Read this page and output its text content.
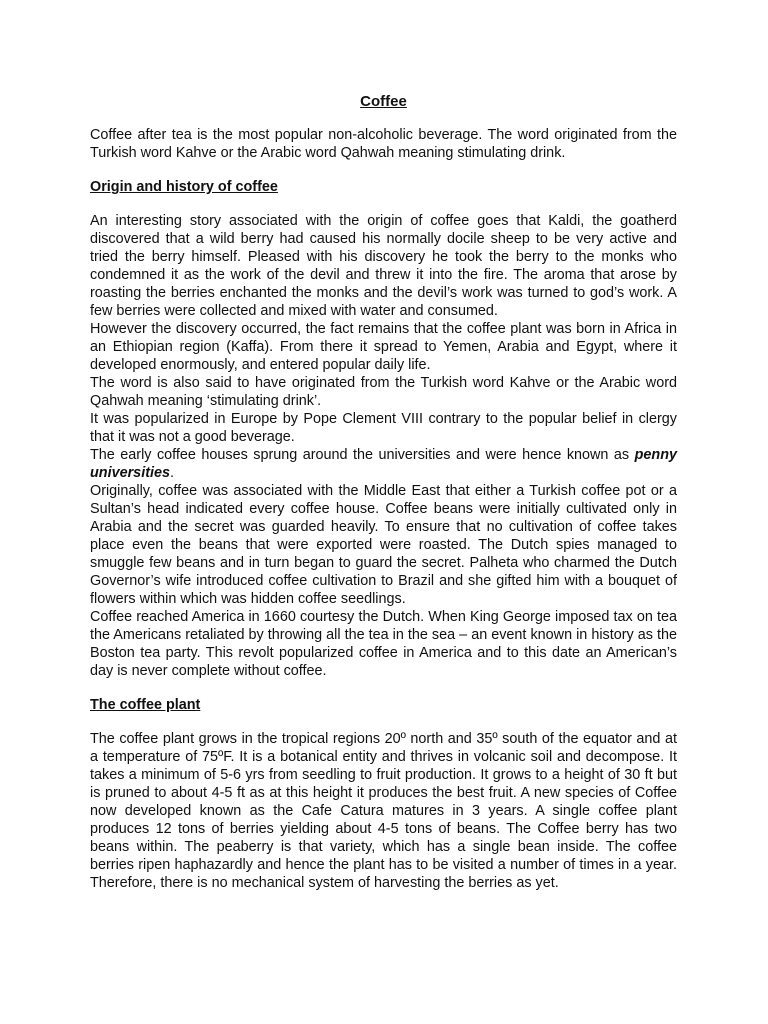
Coffee

Coffee after tea is the most popular non-alcoholic beverage. The word originated from the Turkish word Kahve or the Arabic word Qahwah meaning stimulating drink.

Origin and history of coffee

An interesting story associated with the origin of coffee goes that Kaldi, the goatherd discovered that a wild berry had caused his normally docile sheep to be very active and tried the berry himself. Pleased with his discovery he took the berry to the monks who condemned it as the work of the devil and threw it into the fire. The aroma that arose by roasting the berries enchanted the monks and the devil’s work was turned to god’s work. A few berries were collected and mixed with water and consumed.

However the discovery occurred, the fact remains that the coffee plant was born in Africa in an Ethiopian region (Kaffa). From there it spread to Yemen, Arabia and Egypt, where it developed enormously, and entered popular daily life.

The word is also said to have originated from the Turkish word Kahve or the Arabic word Qahwah meaning ‘stimulating drink’.

It was popularized in Europe by Pope Clement VIII contrary to the popular belief in clergy that it was not a good beverage.

The early coffee houses sprung around the universities and were hence known as penny universities.

Originally, coffee was associated with the Middle East that either a Turkish coffee pot or a Sultan’s head indicated every coffee house. Coffee beans were initially cultivated only in Arabia and the secret was guarded heavily. To ensure that no cultivation of coffee takes place even the beans that were exported were roasted. The Dutch spies managed to smuggle few beans and in turn began to guard the secret. Palheta who charmed the Dutch Governor’s wife introduced coffee cultivation to Brazil and she gifted him with a bouquet of flowers within which was hidden coffee seedlings.

Coffee reached America in 1660 courtesy the Dutch. When King George imposed tax on tea the Americans retaliated by throwing all the tea in the sea – an event known in history as the Boston tea party. This revolt popularized coffee in America and to this date an American’s day is never complete without coffee.

The coffee plant

The coffee plant grows in the tropical regions 20º north and 35º south of the equator and at a temperature of 75ºF. It is a botanical entity and thrives in volcanic soil and decompose. It takes a minimum of 5-6 yrs from seedling to fruit production. It grows to a height of 30 ft but is pruned to about 4-5 ft as at this height it produces the best fruit. A new species of Coffee now developed known as the Cafe Catura matures in 3 years. A single coffee plant produces 12 tons of berries yielding about 4-5 tons of beans. The Coffee berry has two beans within. The peaberry is that variety, which has a single bean inside. The coffee berries ripen haphazardly and hence the plant has to be visited a number of times in a year. Therefore, there is no mechanical system of harvesting the berries as yet.
